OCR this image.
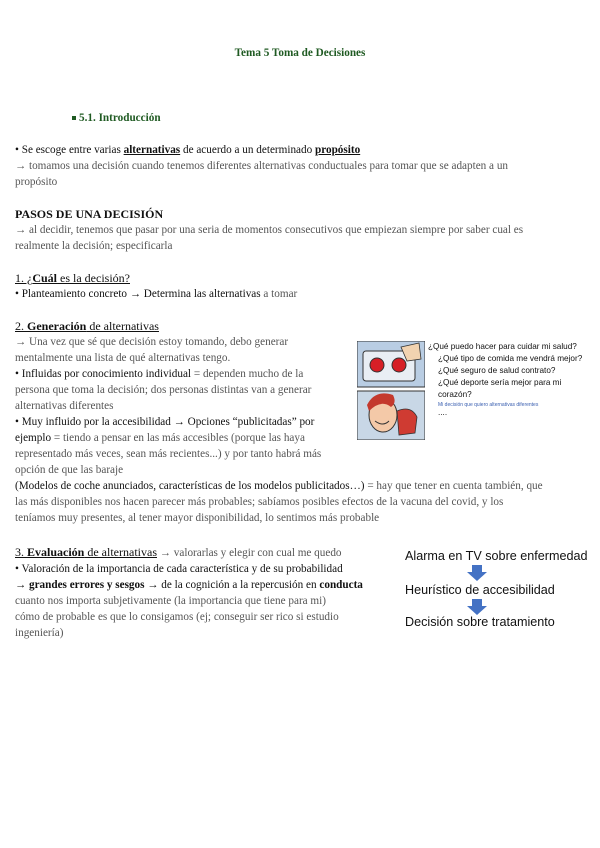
Tema 5 Toma de Decisiones
5.1. Introducción
• Se escoge entre varias alternativas de acuerdo a un determinado propósito
→ tomamos una decisión cuando tenemos diferentes alternativas conductuales para tomar que se adapten a un
propósito
PASOS DE UNA DECISIÓN
→ al decidir, tenemos que pasar por una seria de momentos consecutivos que empiezan siempre por saber cual es
realmente la decisión; especificarla
1. ¿Cuál es la decisión?
• Planteamiento concreto → Determina las alternativas a tomar
2. Generación de alternativas
→ Una vez que sé que decisión estoy tomando, debo generar
mentalmente una lista de qué alternativas tengo.
• Influidas por conocimiento individual = dependen mucho de la
persona que toma la decisión; dos personas distintas van a generar
alternativas diferentes
• Muy influido por la accesibilidad → Opciones “publicitadas” por
ejemplo = tiendo a pensar en las más accesibles (porque las haya
representado más veces, sean más recientes...) y por tanto habrá más
opción de que las baraje
(Modelos de coche anunciados, características de los modelos publicitados…) = hay que tener en cuenta también, que
las más disponibles nos hacen parecer más probables; sabíamos posibles efectos de la vacuna del covid, y los
teníamos muy presentes, al tener mayor disponibilidad, lo sentimos más probable
¿Qué puedo hacer para cuidar mi salud?
¿Qué tipo de comida me vendrá mejor?
¿Qué seguro de salud contrato?
¿Qué deporte sería mejor para mi corazón?
Mi decisión que quiero alternativas diferentes
....
3. Evaluación de alternativas → valorarlas y elegir con cual me quedo
• Valoración de la importancia de cada característica y de su probabilidad
→ grandes errores y sesgos → de la cognición a la repercusión en conducta
cuanto nos importa subjetivamente (la importancia que tiene para mi)
cómo de probable es que lo consigamos (ej; conseguir ser rico si estudio
ingeniería)
Alarma en TV sobre enfermedad
Heurístico de accesibilidad
Decisión sobre tratamiento
